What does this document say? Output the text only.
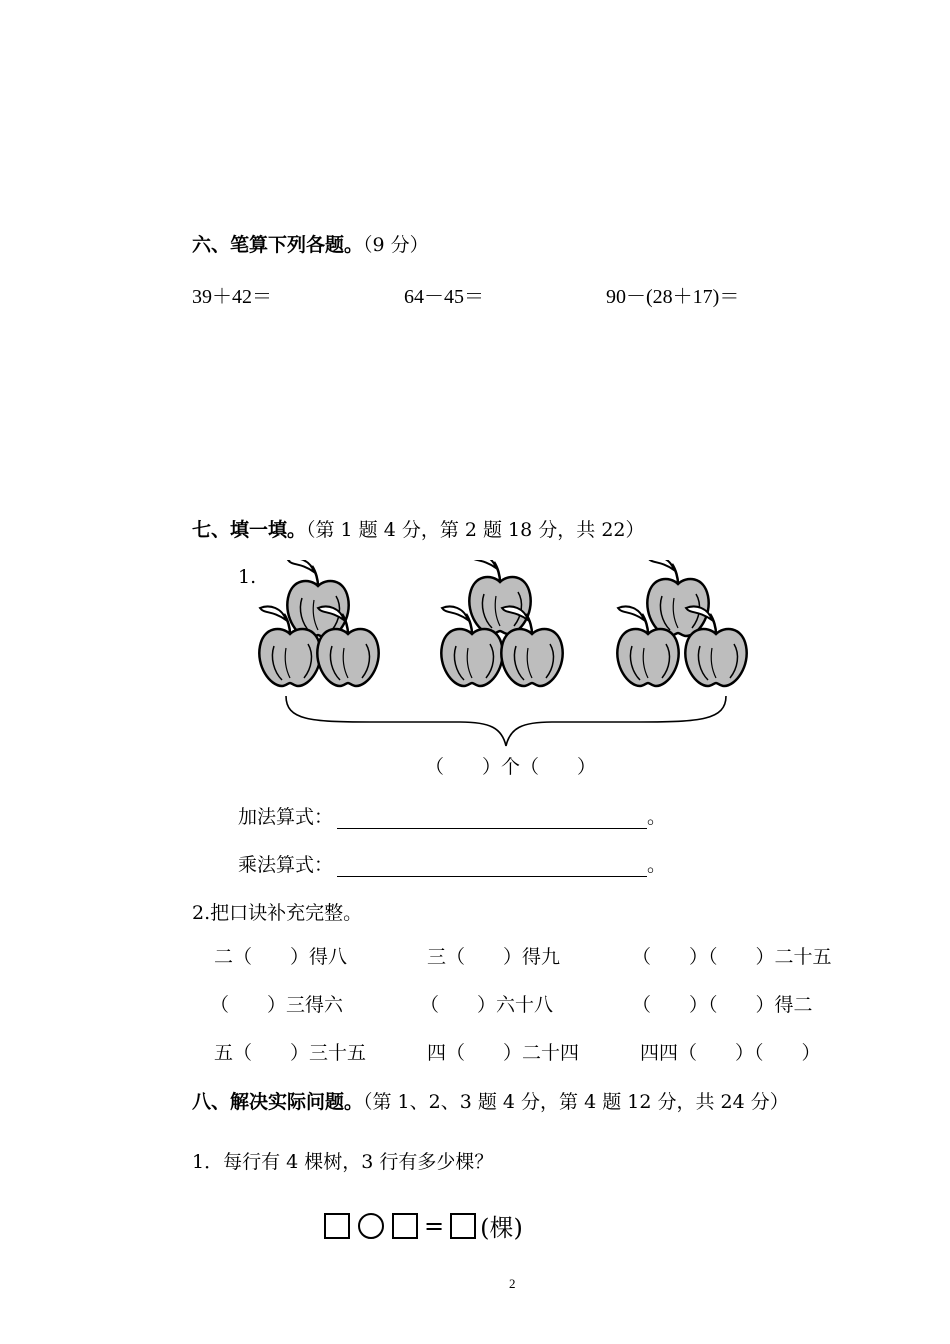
六、笔算下列各题。（9 分）
39＋42＝	64－45＝	90－(28＋17)＝
七、填一填。（第 1 题 4 分，第 2 题 18 分，共 22）
1.
（　　）个（　　）
加法算式：	。
乘法算式：	。
2.把口诀补充完整。
二（　　）得八	三（　　）得九	（　　）（　　）二十五
（　　）三得六	（　　）六十八	（　　）（　　）得二
五（　　）三十五	四（　　）二十四	四四（　　）（　　）
八、解决实际问题。（第 1、2、3 题 4 分，第 4 题 12 分，共 24 分）
1．每行有 4 棵树，3 行有多少棵？
= (棵)
2
